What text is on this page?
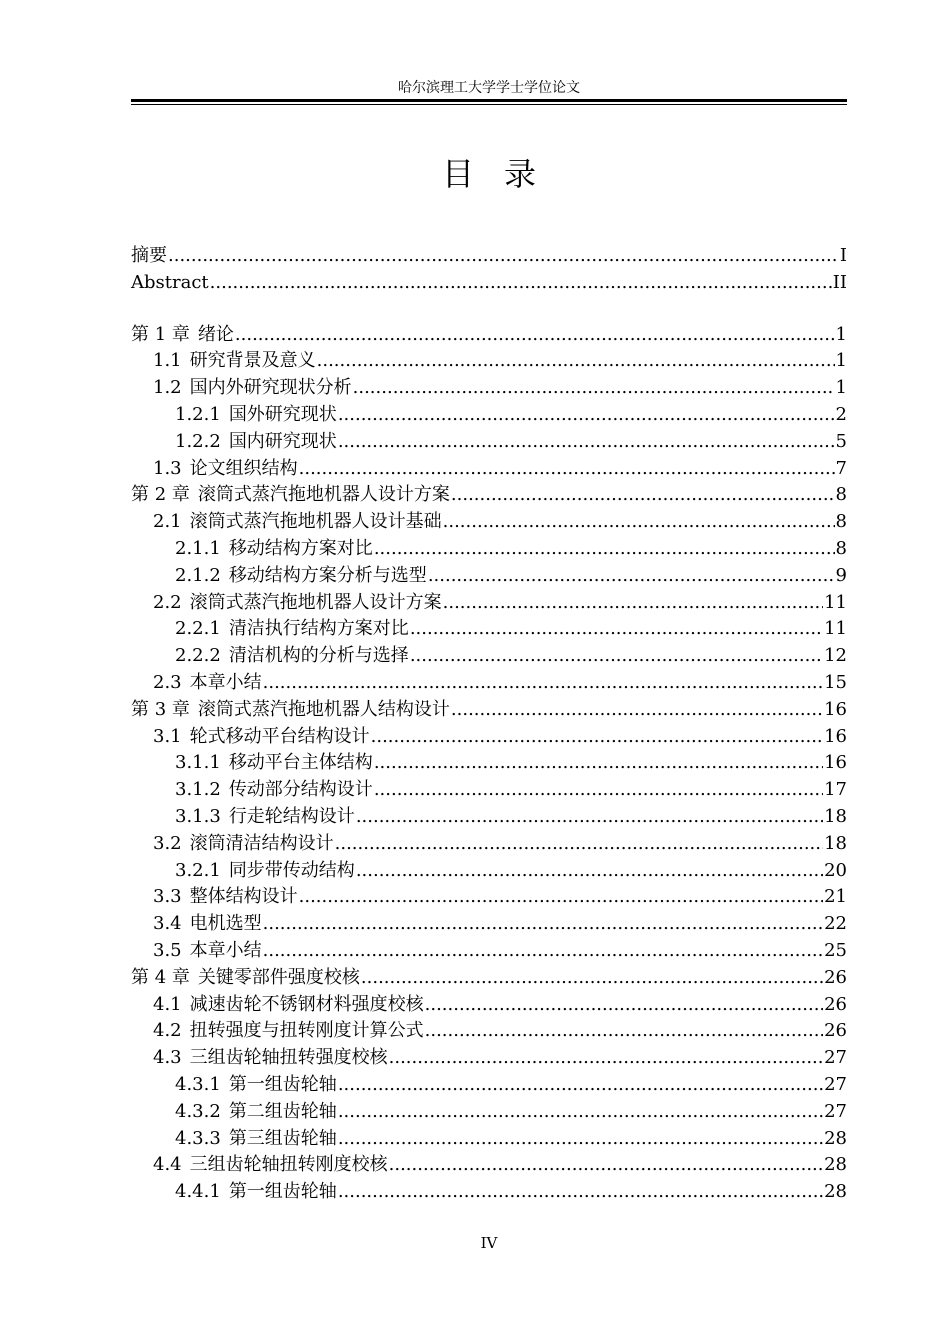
哈尔滨理工大学学士学位论文
目录
摘要 .....	I
Abstract .....	II
第 1 章 绪论 .....	1
1.1 研究背景及意义 .....	1
1.2 国内外研究现状分析 .....	1
1.2.1 国外研究现状 .....	2
1.2.2 国内研究现状 .....	5
1.3 论文组织结构 .....	7
第 2 章 滚筒式蒸汽拖地机器人设计方案 .....	8
2.1 滚筒式蒸汽拖地机器人设计基础 .....	8
2.1.1 移动结构方案对比 .....	8
2.1.2 移动结构方案分析与选型 .....	9
2.2 滚筒式蒸汽拖地机器人设计方案 .....	11
2.2.1 清洁执行结构方案对比 .....	11
2.2.2 清洁机构的分析与选择 .....	12
2.3 本章小结 .....	15
第 3 章 滚筒式蒸汽拖地机器人结构设计 .....	16
3.1 轮式移动平台结构设计 .....	16
3.1.1 移动平台主体结构 .....	16
3.1.2 传动部分结构设计 .....	17
3.1.3 行走轮结构设计 .....	18
3.2 滚筒清洁结构设计 .....	18
3.2.1 同步带传动结构 .....	20
3.3 整体结构设计 .....	21
3.4 电机选型 .....	22
3.5 本章小结 .....	25
第 4 章 关键零部件强度校核 .....	26
4.1 减速齿轮不锈钢材料强度校核 .....	26
4.2 扭转强度与扭转刚度计算公式 .....	26
4.3 三组齿轮轴扭转强度校核 .....	27
4.3.1 第一组齿轮轴 .....	27
4.3.2 第二组齿轮轴 .....	27
4.3.3 第三组齿轮轴 .....	28
4.4 三组齿轮轴扭转刚度校核 .....	28
4.4.1 第一组齿轮轴 .....	28
IV
